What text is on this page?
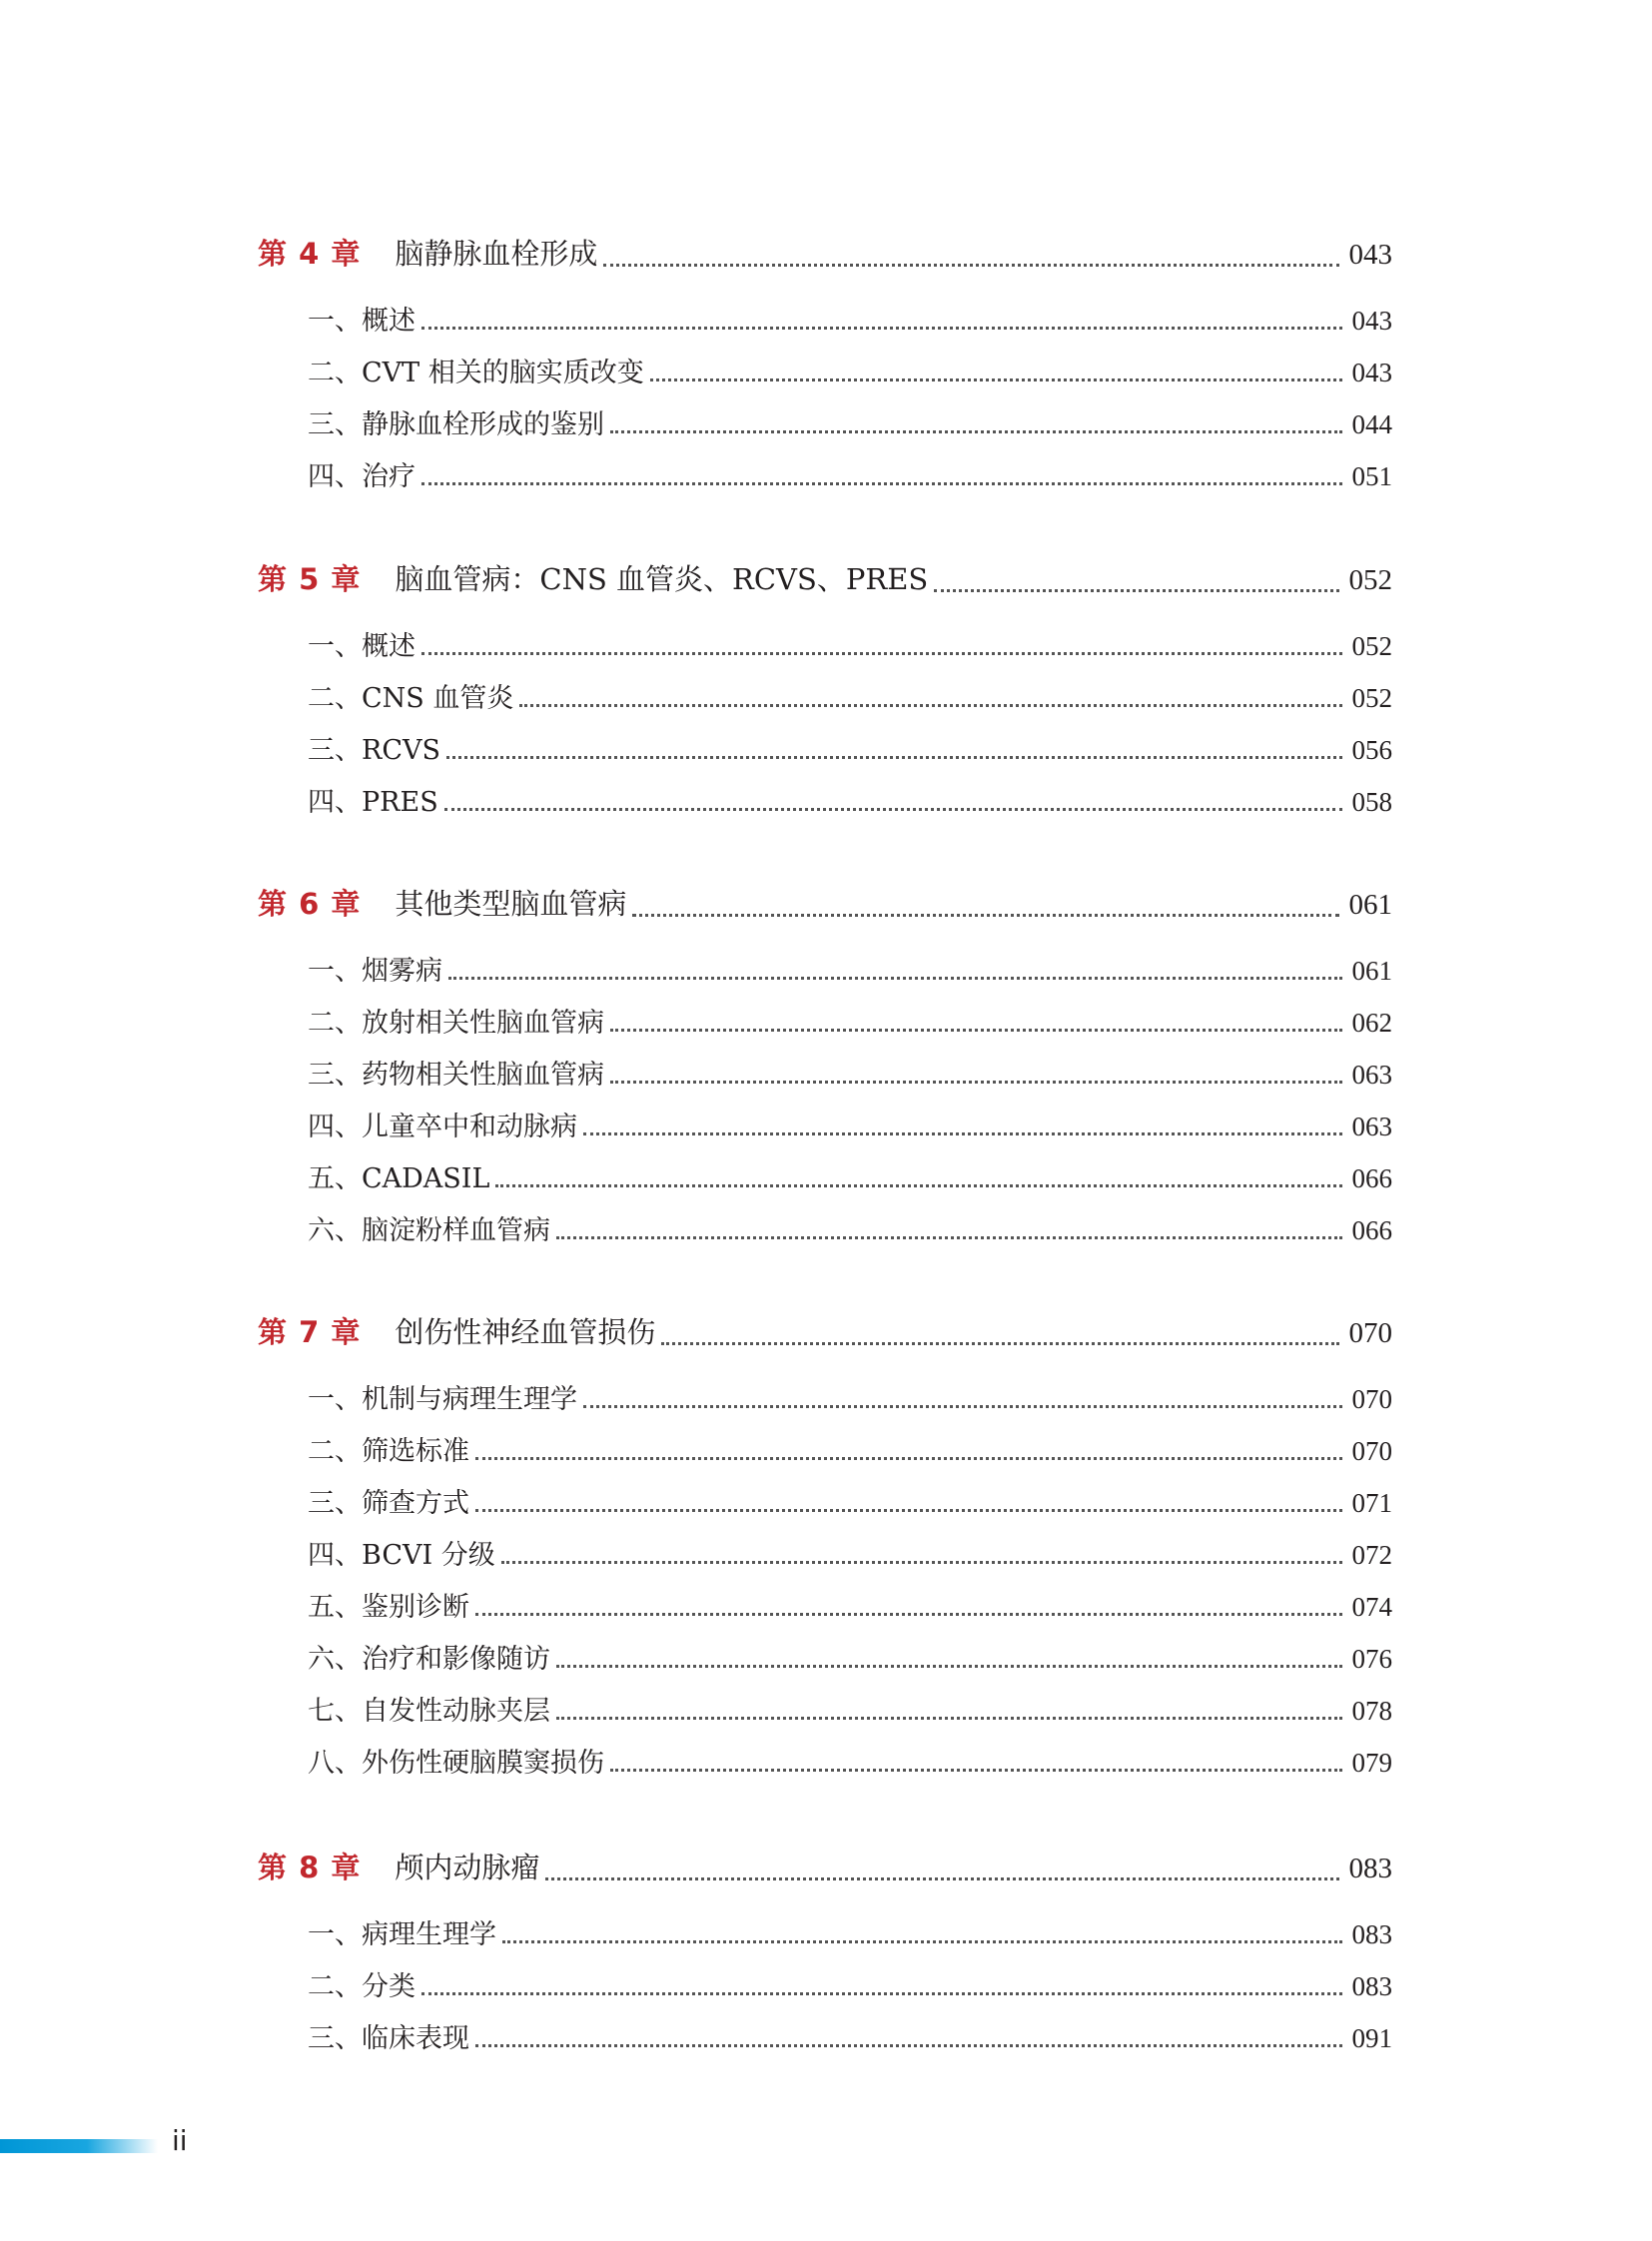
第 4 章 脑静脉血栓形成	043
一、概述	043
二、CVT 相关的脑实质改变	043
三、静脉血栓形成的鉴别	044
四、治疗	051
第 5 章 脑血管病：CNS 血管炎、RCVS、PRES	052
一、概述	052
二、CNS 血管炎	052
三、RCVS	056
四、PRES	058
第 6 章 其他类型脑血管病	061
一、烟雾病	061
二、放射相关性脑血管病	062
三、药物相关性脑血管病	063
四、儿童卒中和动脉病	063
五、CADASIL	066
六、脑淀粉样血管病	066
第 7 章 创伤性神经血管损伤	070
一、机制与病理生理学	070
二、筛选标准	070
三、筛查方式	071
四、BCVI 分级	072
五、鉴别诊断	074
六、治疗和影像随访	076
七、自发性动脉夹层	078
八、外伤性硬脑膜窦损伤	079
第 8 章 颅内动脉瘤	083
一、病理生理学	083
二、分类	083
三、临床表现	091
ii
